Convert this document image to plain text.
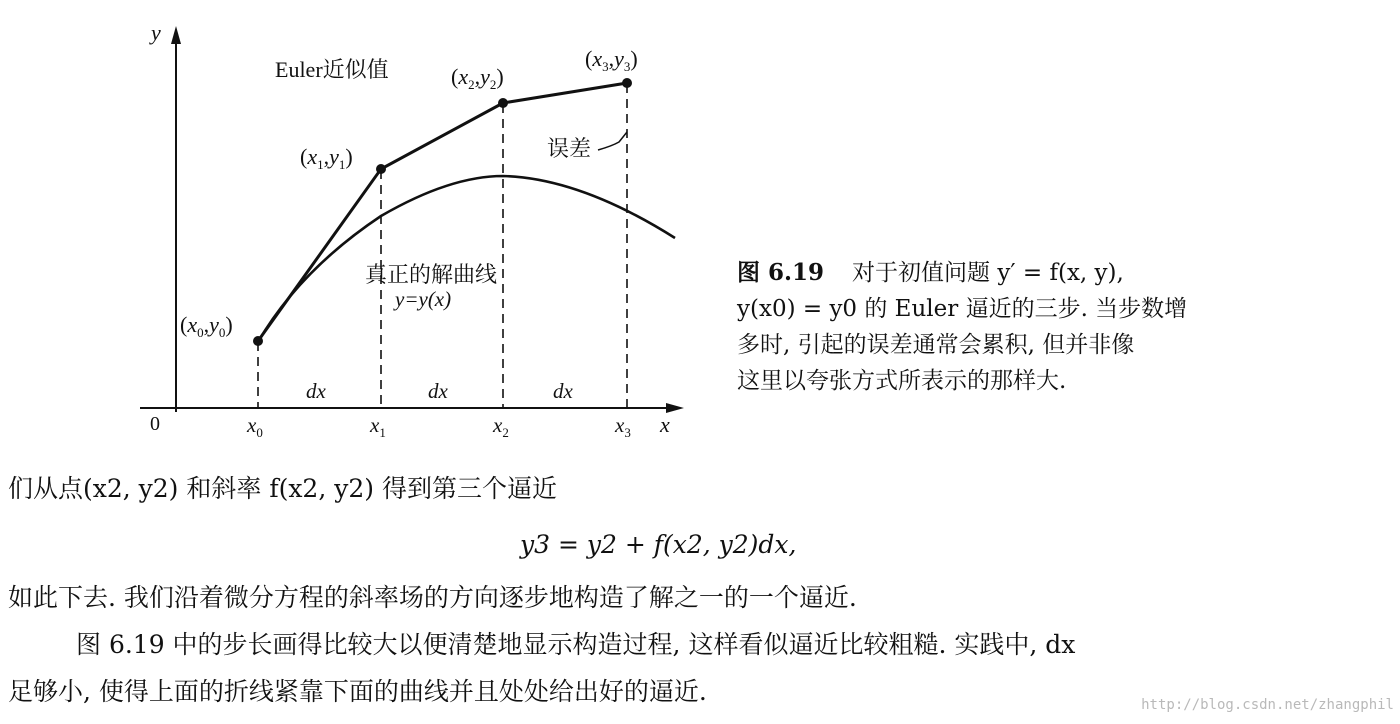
y
x
0
$(x_0,y_0)$
$(x_1,y_1)$
$(x_2,y_2)$
$(x_3,y_3)$
Euler近似值
误差
真正的解曲线
y=y(x)
dx	dx	dx
$x_0$	$x_1$	$x_2$	$x_3$
图 6.19 对于初值问题 y′ = f(x, y),
y(x0) = y0 的 Euler 逼近的三步. 当步数增
多时, 引起的误差通常会累积, 但并非像
这里以夸张方式所表示的那样大.
们从点(x2, y2) 和斜率 f(x2, y2) 得到第三个逼近
y3 = y2 + f(x2, y2)dx,
如此下去. 我们沿着微分方程的斜率场的方向逐步地构造了解之一的一个逼近.
图 6.19 中的步长画得比较大以便清楚地显示构造过程, 这样看似逼近比较粗糙. 实践中, dx
足够小, 使得上面的折线紧靠下面的曲线并且处处给出好的逼近.	http://blog.csdn.net/zhangphil
